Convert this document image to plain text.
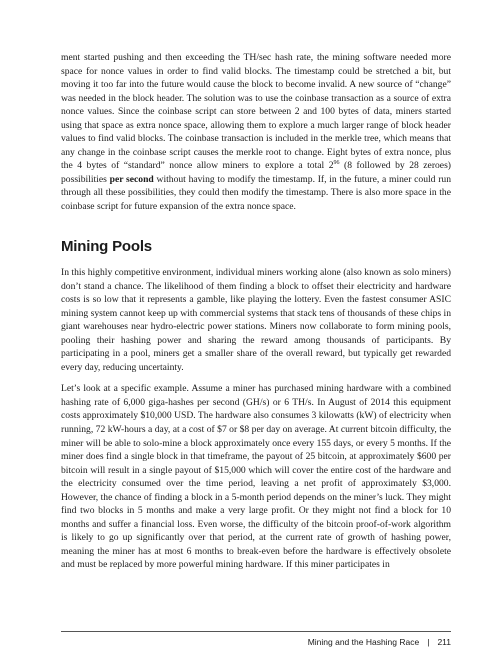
ment started pushing and then exceeding the TH/sec hash rate, the mining software needed more space for nonce values in order to find valid blocks. The timestamp could be stretched a bit, but moving it too far into the future would cause the block to become invalid. A new source of “change” was needed in the block header. The solution was to use the coinbase transaction as a source of extra nonce values. Since the coinbase script can store between 2 and 100 bytes of data, miners started using that space as extra nonce space, allowing them to explore a much larger range of block header values to find valid blocks. The coinbase transaction is included in the merkle tree, which means that any change in the coinbase script causes the merkle root to change. Eight bytes of extra nonce, plus the 4 bytes of “standard” nonce allow miners to explore a total $2^{96}$ (8 followed by 28 zeroes) possibilities per second without having to modify the timestamp. If, in the future, a miner could run through all these possibilities, they could then modify the timestamp. There is also more space in the coinbase script for future expansion of the extra nonce space.

Mining Pools

In this highly competitive environment, individual miners working alone (also known as solo miners) don’t stand a chance. The likelihood of them finding a block to offset their electricity and hardware costs is so low that it represents a gamble, like playing the lottery. Even the fastest consumer ASIC mining system cannot keep up with commercial systems that stack tens of thousands of these chips in giant warehouses near hydro-electric power stations. Miners now collaborate to form mining pools, pooling their hashing power and sharing the reward among thousands of participants. By participating in a pool, miners get a smaller share of the overall reward, but typically get rewarded every day, reducing uncertainty.

Let’s look at a specific example. Assume a miner has purchased mining hardware with a combined hashing rate of 6,000 giga-hashes per second (GH/s) or 6 TH/s. In August of 2014 this equipment costs approximately $10,000 USD. The hardware also consumes 3 kilowatts (kW) of electricity when running, 72 kW-hours a day, at a cost of $7 or $8 per day on average. At current bitcoin difficulty, the miner will be able to solo-mine a block approximately once every 155 days, or every 5 months. If the miner does find a single block in that timeframe, the payout of 25 bitcoin, at approximately $600 per bitcoin will result in a single payout of $15,000 which will cover the entire cost of the hardware and the electricity consumed over the time period, leaving a net profit of approximately $3,000. However, the chance of finding a block in a 5-month period depends on the miner’s luck. They might find two blocks in 5 months and make a very large profit. Or they might not find a block for 10 months and suffer a financial loss. Even worse, the difficulty of the bitcoin proof-of-work algorithm is likely to go up significantly over that period, at the current rate of growth of hashing power, meaning the miner has at most 6 months to break-even before the hardware is effectively obsolete and must be replaced by more powerful mining hardware. If this miner participates in

Mining and the Hashing Race | 211
